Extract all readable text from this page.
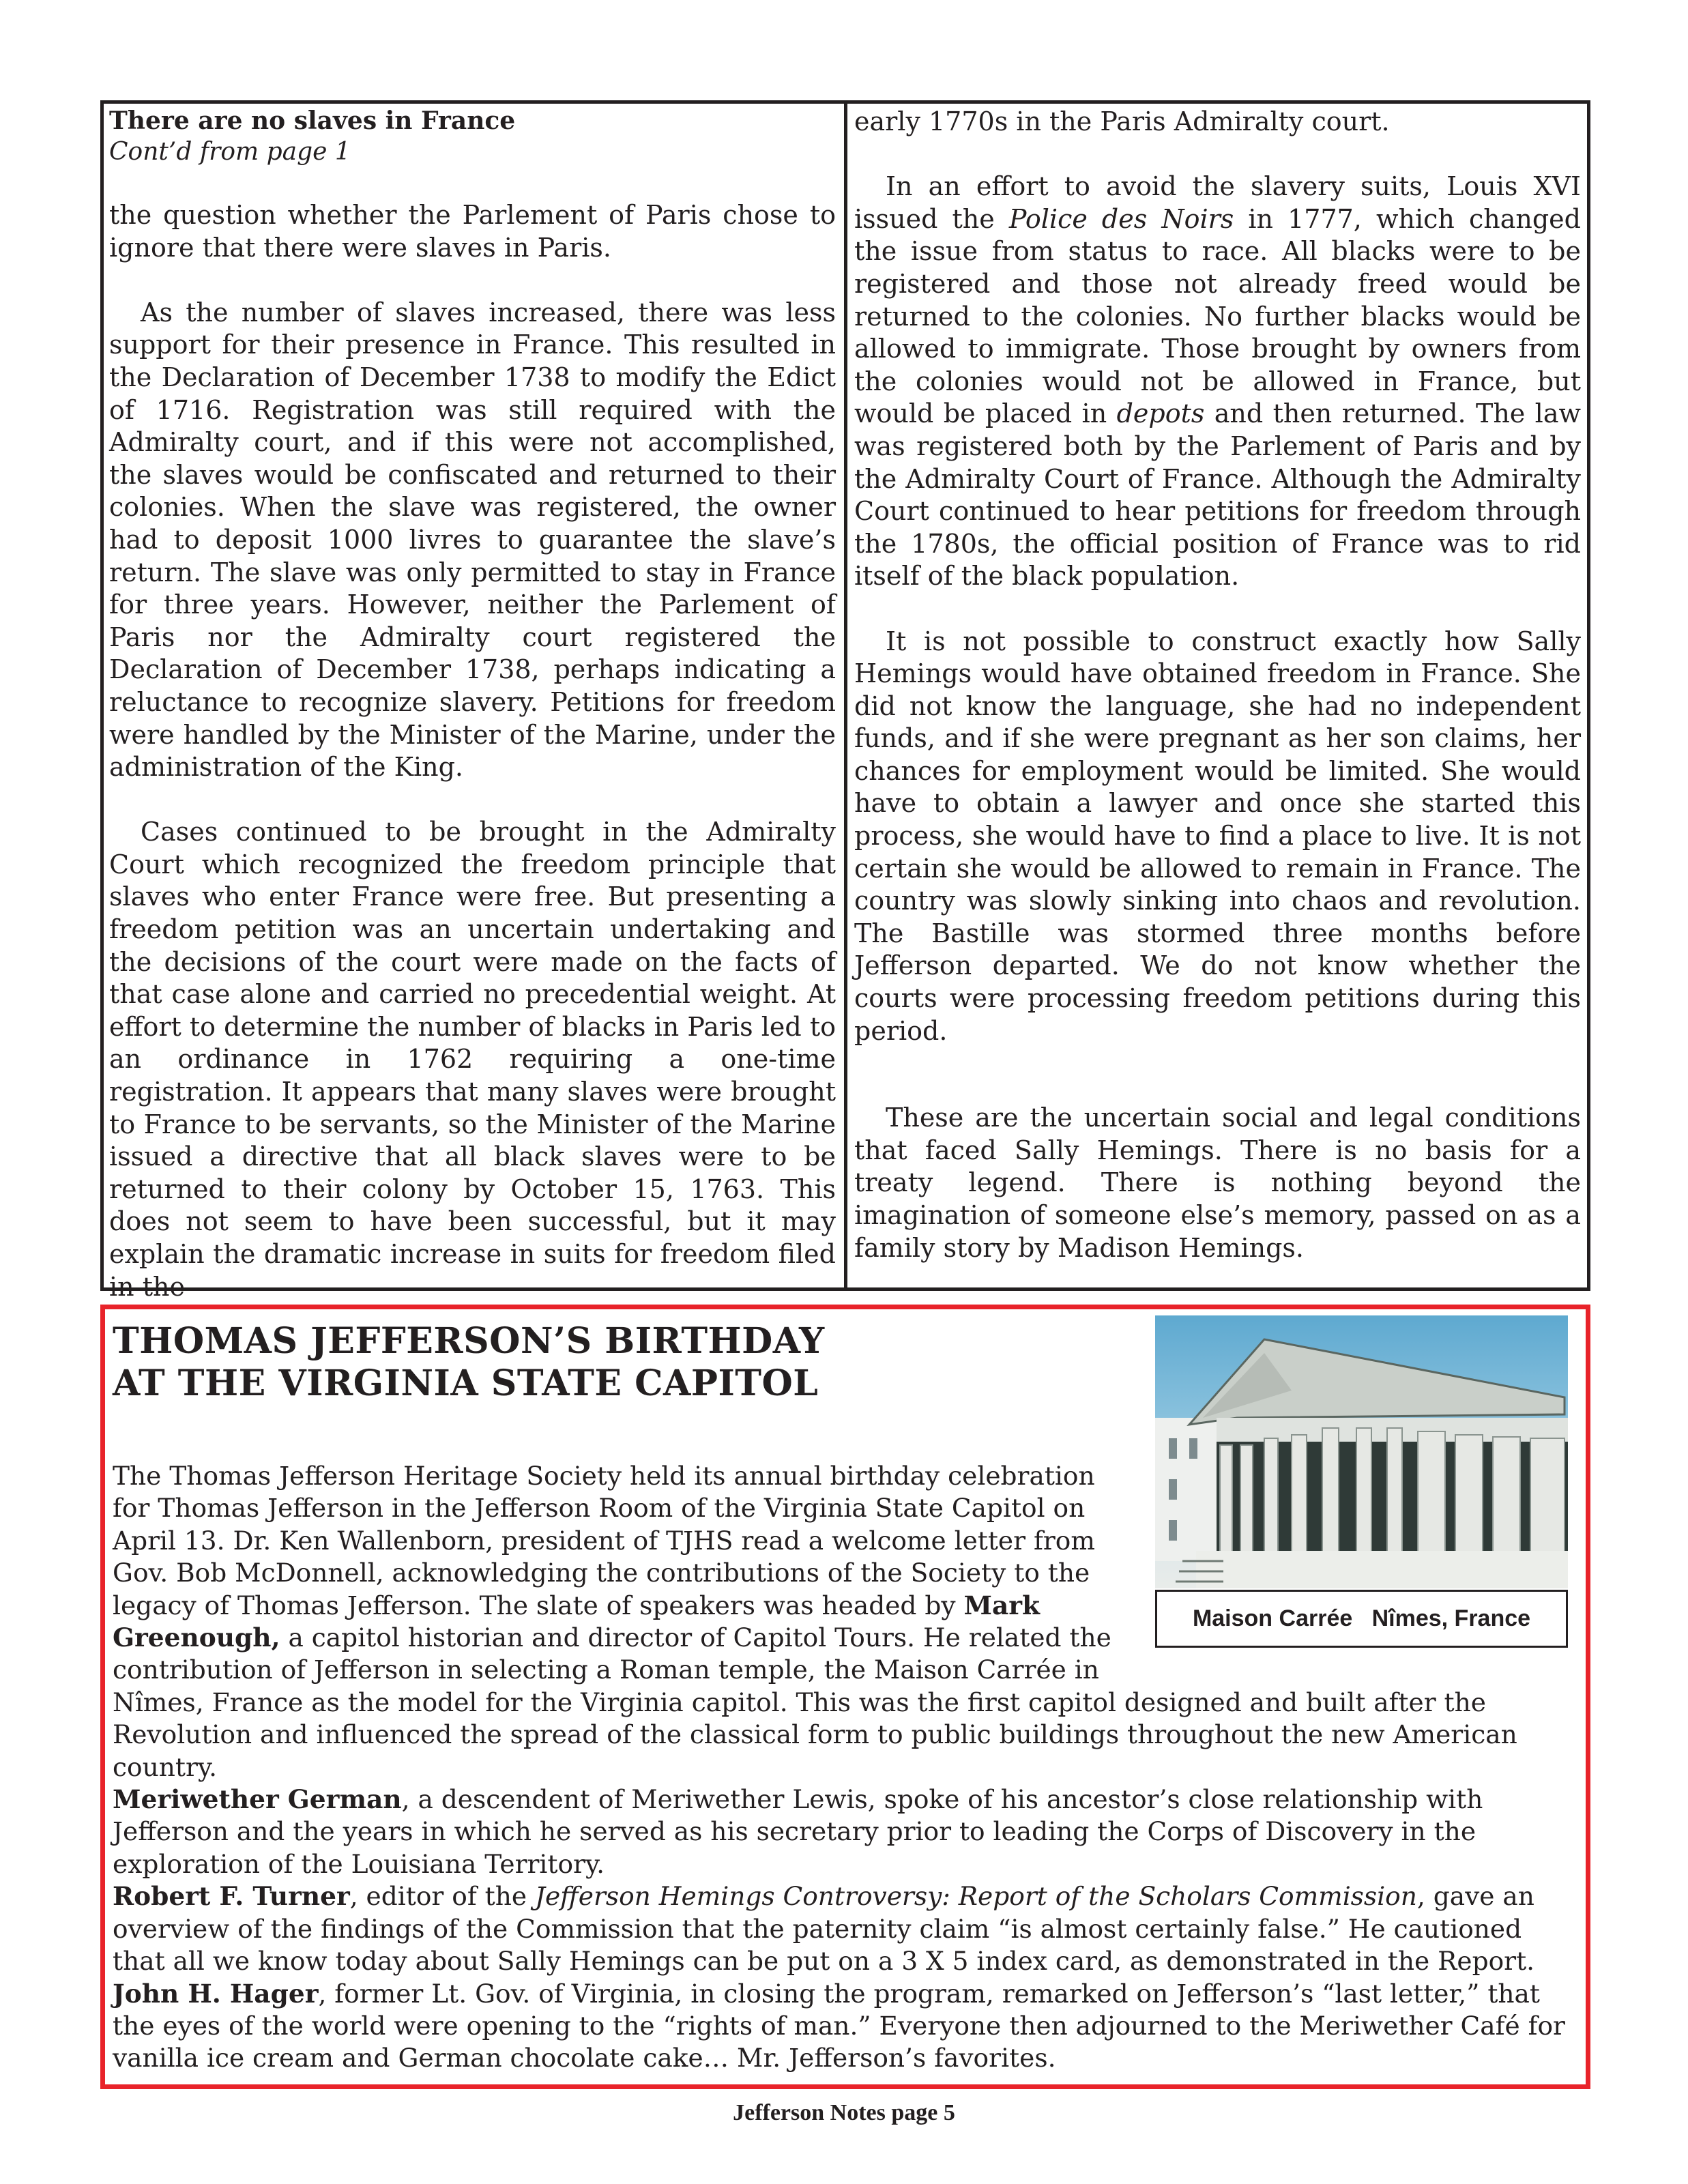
There are no slaves in France
Cont’d from page 1

the question whether the Parlement of Paris chose to ignore that there were slaves in Paris.

As the number of slaves increased, there was less support for their presence in France. This resulted in the Declaration of December 1738 to modify the Edict of 1716. Registration was still required with the Admiralty court, and if this were not accomplished, the slaves would be confiscated and returned to their colonies. When the slave was registered, the owner had to deposit 1000 livres to guarantee the slave’s return. The slave was only permitted to stay in France for three years. However, neither the Parlement of Paris nor the Admiralty court registered the Declaration of December 1738, perhaps indicating a reluctance to recognize slavery. Petitions for freedom were handled by the Minister of the Marine, under the administration of the King.

Cases continued to be brought in the Admiralty Court which recognized the freedom principle that slaves who enter France were free. But presenting a freedom petition was an uncertain undertaking and the decisions of the court were made on the facts of that case alone and carried no precedential weight. At effort to determine the number of blacks in Paris led to an ordinance in 1762 requiring a one-time registration. It appears that many slaves were brought to France to be servants, so the Minister of the Marine issued a directive that all black slaves were to be returned to their colony by October 15, 1763. This does not seem to have been successful, but it may explain the dramatic increase in suits for freedom filed in the

early 1770s in the Paris Admiralty court.

In an effort to avoid the slavery suits, Louis XVI issued the Police des Noirs in 1777, which changed the issue from status to race. All blacks were to be registered and those not already freed would be returned to the colonies. No further blacks would be allowed to immigrate. Those brought by owners from the colonies would not be allowed in France, but would be placed in depots and then returned. The law was registered both by the Parlement of Paris and by the Admiralty Court of France. Although the Admiralty Court continued to hear petitions for freedom through the 1780s, the official position of France was to rid itself of the black population.

It is not possible to construct exactly how Sally Hemings would have obtained freedom in France. She did not know the language, she had no independent funds, and if she were pregnant as her son claims, her chances for employment would be limited. She would have to obtain a lawyer and once she started this process, she would have to find a place to live. It is not certain she would be allowed to remain in France. The country was slowly sinking into chaos and revolution. The Bastille was stormed three months before Jefferson departed. We do not know whether the courts were processing freedom petitions during this period.

These are the uncertain social and legal conditions that faced Sally Hemings. There is no basis for a treaty legend. There is nothing beyond the imagination of someone else’s memory, passed on as a family story by Madison Hemings.

THOMAS JEFFERSON’S BIRTHDAY
AT THE VIRGINIA STATE CAPITOL
Maison Carrée   Nîmes, France

The Thomas Jefferson Heritage Society held its annual birthday celebration for Thomas Jefferson in the Jefferson Room of the Virginia State Capitol on April 13. Dr. Ken Wallenborn, president of TJHS read a welcome letter from Gov. Bob McDonnell, acknowledging the contributions of the Society to the legacy of Thomas Jefferson. The slate of speakers was headed by Mark Greenough, a capitol historian and director of Capitol Tours. He related the contribution of Jefferson in selecting a Roman temple, the Maison Carrée in Nîmes, France as the model for the Virginia capitol. This was the first capitol designed and built after the Revolution and influenced the spread of the classical form to public buildings throughout the new American country.

Meriwether German, a descendent of Meriwether Lewis, spoke of his ancestor’s close relationship with Jefferson and the years in which he served as his secretary prior to leading the Corps of Discovery in the exploration of the Louisiana Territory.

Robert F. Turner, editor of the Jefferson Hemings Controversy: Report of the Scholars Commission, gave an overview of the findings of the Commission that the paternity claim “is almost certainly false.” He cautioned that all we know today about Sally Hemings can be put on a 3 X 5 index card, as demonstrated in the Report.

John H. Hager, former Lt. Gov. of Virginia, in closing the program, remarked on Jefferson’s “last letter,” that the eyes of the world were opening to the “rights of man.” Everyone then adjourned to the Meriwether Café for vanilla ice cream and German chocolate cake… Mr. Jefferson’s favorites.

Jefferson Notes page 5
